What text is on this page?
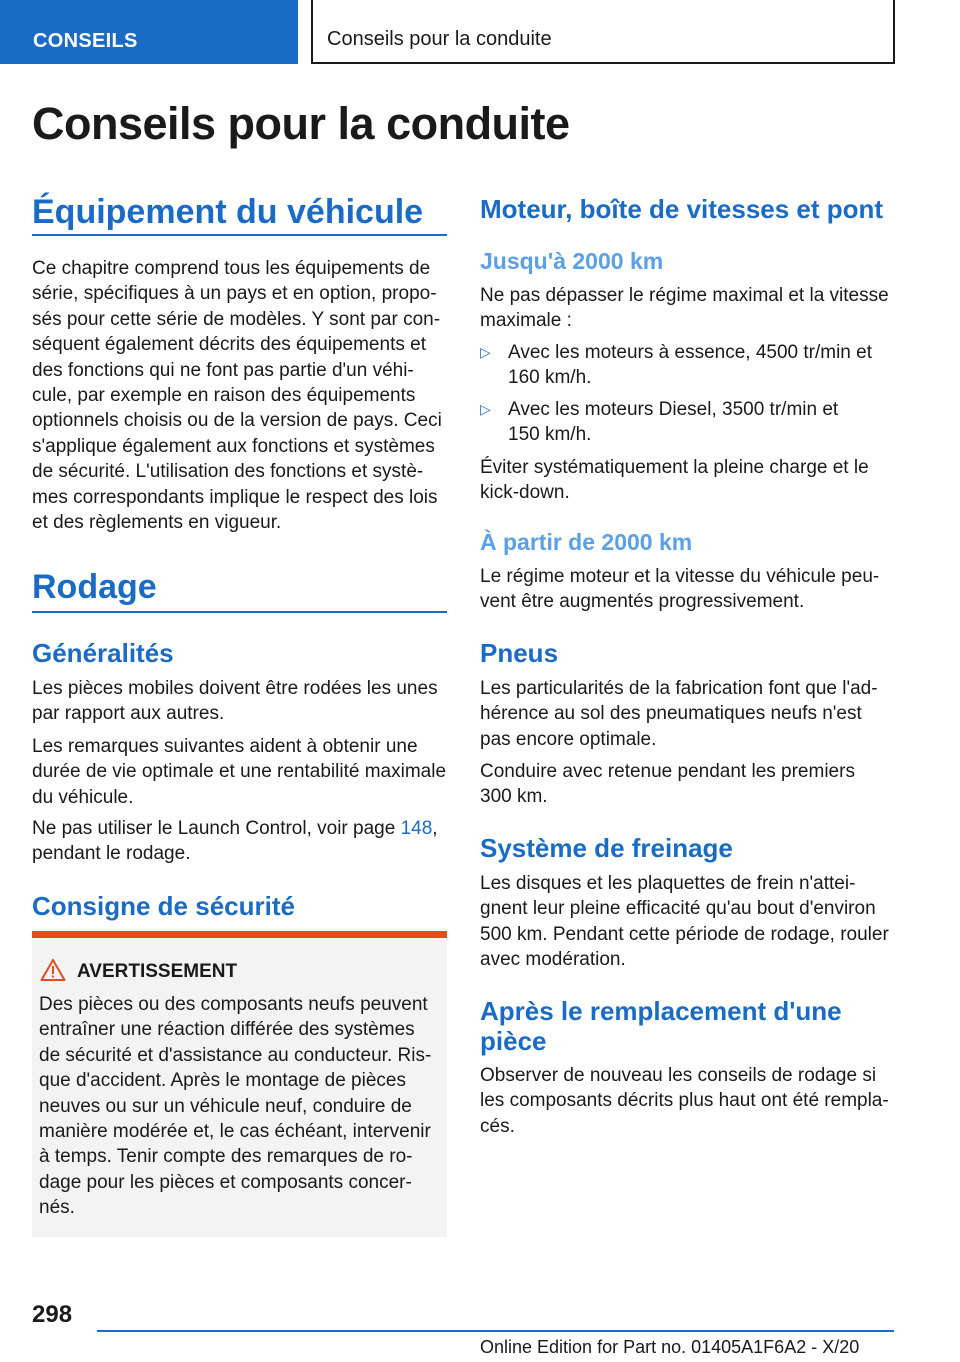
CONSEILS	Conseils pour la conduite
Conseils pour la conduite
Équipement du véhicule
Ce chapitre comprend tous les équipements de
série, spécifiques à un pays et en option, propo-
sés pour cette série de modèles. Y sont par con-
séquent également décrits des équipements et
des fonctions qui ne font pas partie d'un véhi-
cule, par exemple en raison des équipements
optionnels choisis ou de la version de pays. Ceci
s'applique également aux fonctions et systèmes
de sécurité. L'utilisation des fonctions et systè-
mes correspondants implique le respect des lois
et des règlements en vigueur.
Rodage
Généralités
Les pièces mobiles doivent être rodées les unes
par rapport aux autres.
Les remarques suivantes aident à obtenir une
durée de vie optimale et une rentabilité maximale
du véhicule.
Ne pas utiliser le Launch Control, voir page 148,
pendant le rodage.
Consigne de sécurité
AVERTISSEMENT
Des pièces ou des composants neufs peuvent
entraîner une réaction différée des systèmes
de sécurité et d'assistance au conducteur. Ris-
que d'accident. Après le montage de pièces
neuves ou sur un véhicule neuf, conduire de
manière modérée et, le cas échéant, intervenir
à temps. Tenir compte des remarques de ro-
dage pour les pièces et composants concer-
nés.
Moteur, boîte de vitesses et pont
Jusqu'à 2000 km
Ne pas dépasser le régime maximal et la vitesse
maximale :
▷ Avec les moteurs à essence, 4500 tr/min et
160 km/h.
▷ Avec les moteurs Diesel, 3500 tr/min et
150 km/h.
Éviter systématiquement la pleine charge et le
kick-down.
À partir de 2000 km
Le régime moteur et la vitesse du véhicule peu-
vent être augmentés progressivement.
Pneus
Les particularités de la fabrication font que l'ad-
hérence au sol des pneumatiques neufs n'est
pas encore optimale.
Conduire avec retenue pendant les premiers
300 km.
Système de freinage
Les disques et les plaquettes de frein n'attei-
gnent leur pleine efficacité qu'au bout d'environ
500 km. Pendant cette période de rodage, rouler
avec modération.
Après le remplacement d'une
pièce
Observer de nouveau les conseils de rodage si
les composants décrits plus haut ont été rempla-
cés.
298
Online Edition for Part no. 01405A1F6A2 - X/20
